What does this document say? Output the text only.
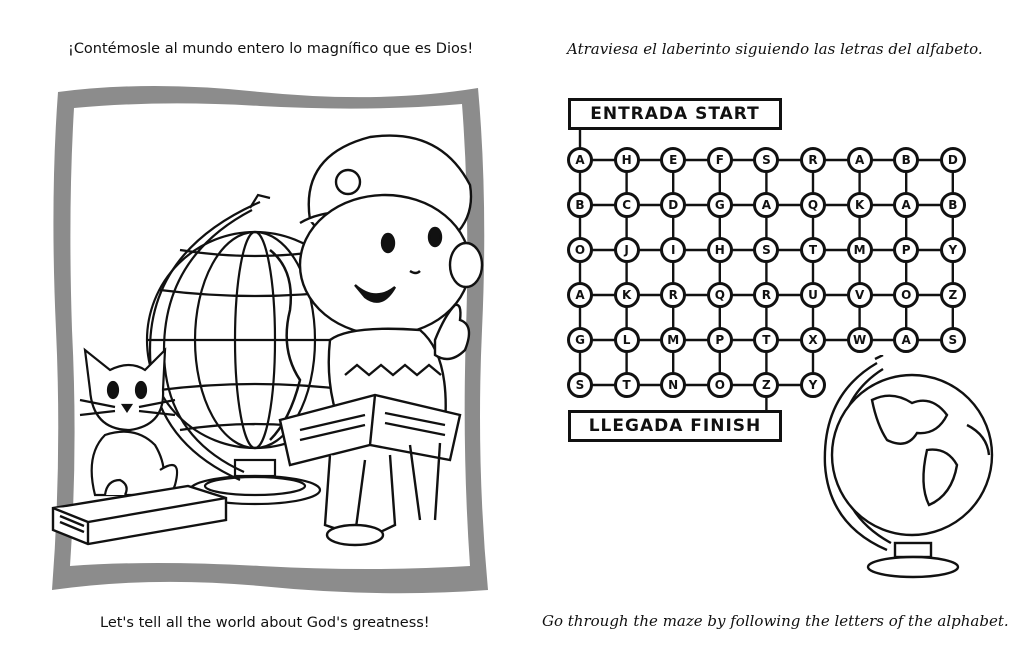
¡Contémosle al mundo entero lo magnífico que es Dios!
Let's tell all the world about God's greatness!
Atraviesa el laberinto siguiendo las letras del alfabeto.
ENTRADA START
A	H	E	F	S	R	A	B	D
B	C	D	G	A	Q	K	A	B
O	J	I	H	S	T	M	P	Y
A	K	R	Q	R	U	V	O	Z
G	L	M	P	T	X	W	A	S
S	T	N	O	Z	Y
LLEGADA FINISH
Go through the maze by following the letters of the alphabet.
